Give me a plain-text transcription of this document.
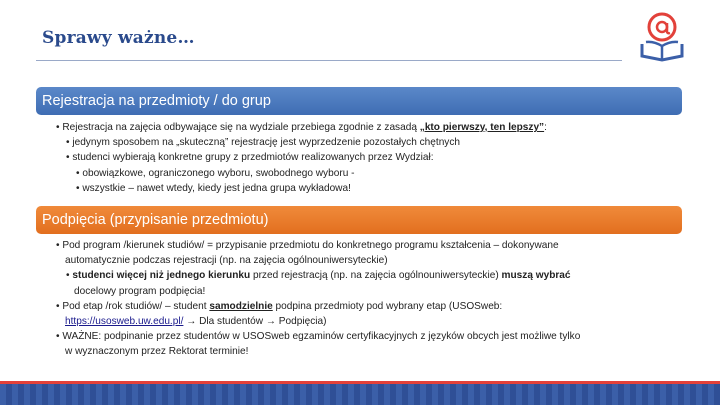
Sprawy ważne…
Rejestracja na przedmioty / do grup
• Rejestracja na zajęcia odbywające się na wydziale przebiega zgodnie z zasadą „kto pierwszy, ten lepszy”:
• jedynym sposobem na „skuteczną” rejestrację jest wyprzedzenie pozostałych chętnych
• studenci wybierają konkretne grupy z przedmiotów realizowanych przez Wydział:
• obowiązkowe, ograniczonego wyboru, swobodnego wyboru -
• wszystkie – nawet wtedy, kiedy jest jedna grupa wykładowa!
Podpięcia (przypisanie przedmiotu)
• Pod program /kierunek studiów/ = przypisanie przedmiotu do konkretnego programu kształcenia – dokonywane
automatycznie podczas rejestracji (np. na zajęcia ogólnouniwersyteckie)
• studenci więcej niż jednego kierunku przed rejestracją (np. na zajęcia ogólnouniwersyteckie) muszą wybrać
docelowy program podpięcia!
• Pod etap /rok studiów/ – student samodzielnie podpina przedmioty pod wybrany etap (USOSweb:
https://usosweb.uw.edu.pl/ → Dla studentów → Podpięcia)
• WAŻNE: podpinanie przez studentów w USOSweb egzaminów certyfikacyjnych z języków obcych jest możliwe tylko
w wyznaczonym przez Rektorat terminie!
